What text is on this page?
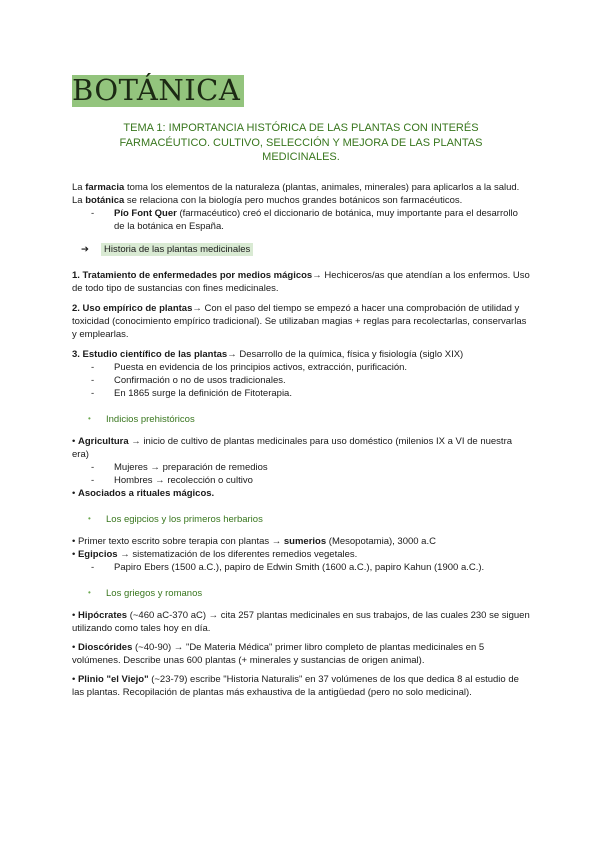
BOTÁNICA
TEMA 1: IMPORTANCIA HISTÓRICA DE LAS PLANTAS CON INTERÉS FARMACÉUTICO. CULTIVO, SELECCIÓN Y MEJORA DE LAS PLANTAS MEDICINALES.

La farmacia toma los elementos de la naturaleza (plantas, animales, minerales) para aplicarlos a la salud.

La botánica se relaciona con la biología pero muchos grandes botánicos son farmacéuticos.

- Pío Font Quer (farmacéutico) creó el diccionario de botánica, muy importante para el desarrollo de la botánica en España.

➔ Historia de las plantas medicinales

1. Tratamiento de enfermedades por medios mágicos→ Hechiceros/as que atendían a los enfermos. Uso de todo tipo de sustancias con fines medicinales.

2. Uso empírico de plantas→ Con el paso del tiempo se empezó a hacer una comprobación de utilidad y toxicidad (conocimiento empírico tradicional). Se utilizaban magias + reglas para recolectarlas, conservarlas y emplearlas.

3. Estudio científico de las plantas→ Desarrollo de la química, física y fisiología (siglo XIX)

- Puesta en evidencia de los principios activos, extracción, purificación.

- Confirmación o no de usos tradicionales.

- En 1865 surge la definición de Fitoterapia.

• Indicios prehistóricos

• Agricultura → inicio de cultivo de plantas medicinales para uso doméstico (milenios IX a VI de nuestra era)

- Mujeres → preparación de remedios

- Hombres → recolección o cultivo

• Asociados a rituales mágicos.

• Los egipcios y los primeros herbarios

• Primer texto escrito sobre terapia con plantas → sumerios (Mesopotamia), 3000 a.C

• Egipcios → sistematización de los diferentes remedios vegetales.

- Papiro Ebers (1500 a.C.), papiro de Edwin Smith (1600 a.C.), papiro Kahun (1900 a.C.).

• Los griegos y romanos

• Hipócrates (~460 aC-370 aC) → cita 257 plantas medicinales en sus trabajos, de las cuales 230 se siguen utilizando como tales hoy en día.

• Dioscórides (~40-90) → "De Materia Médica" primer libro completo de plantas medicinales en 5 volúmenes. Describe unas 600 plantas (+ minerales y sustancias de origen animal).

• Plinio "el Viejo" (~23-79) escribe "Historia Naturalis" en 37 volúmenes de los que dedica 8 al estudio de las plantas. Recopilación de plantas más exhaustiva de la antigüedad (pero no solo medicinal).
